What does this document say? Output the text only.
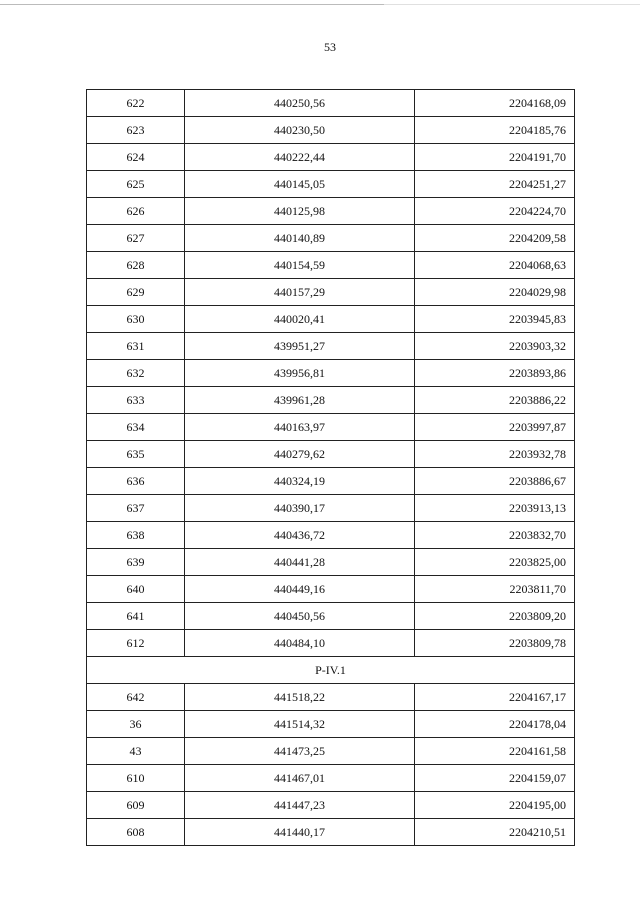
53
622	440250,56	2204168,09
623	440230,50	2204185,76
624	440222,44	2204191,70
625	440145,05	2204251,27
626	440125,98	2204224,70
627	440140,89	2204209,58
628	440154,59	2204068,63
629	440157,29	2204029,98
630	440020,41	2203945,83
631	439951,27	2203903,32
632	439956,81	2203893,86
633	439961,28	2203886,22
634	440163,97	2203997,87
635	440279,62	2203932,78
636	440324,19	2203886,67
637	440390,17	2203913,13
638	440436,72	2203832,70
639	440441,28	2203825,00
640	440449,16	2203811,70
641	440450,56	2203809,20
612	440484,10	2203809,78
P-IV.1		
642	441518,22	2204167,17
36	441514,32	2204178,04
43	441473,25	2204161,58
610	441467,01	2204159,07
609	441447,23	2204195,00
608	441440,17	2204210,51
